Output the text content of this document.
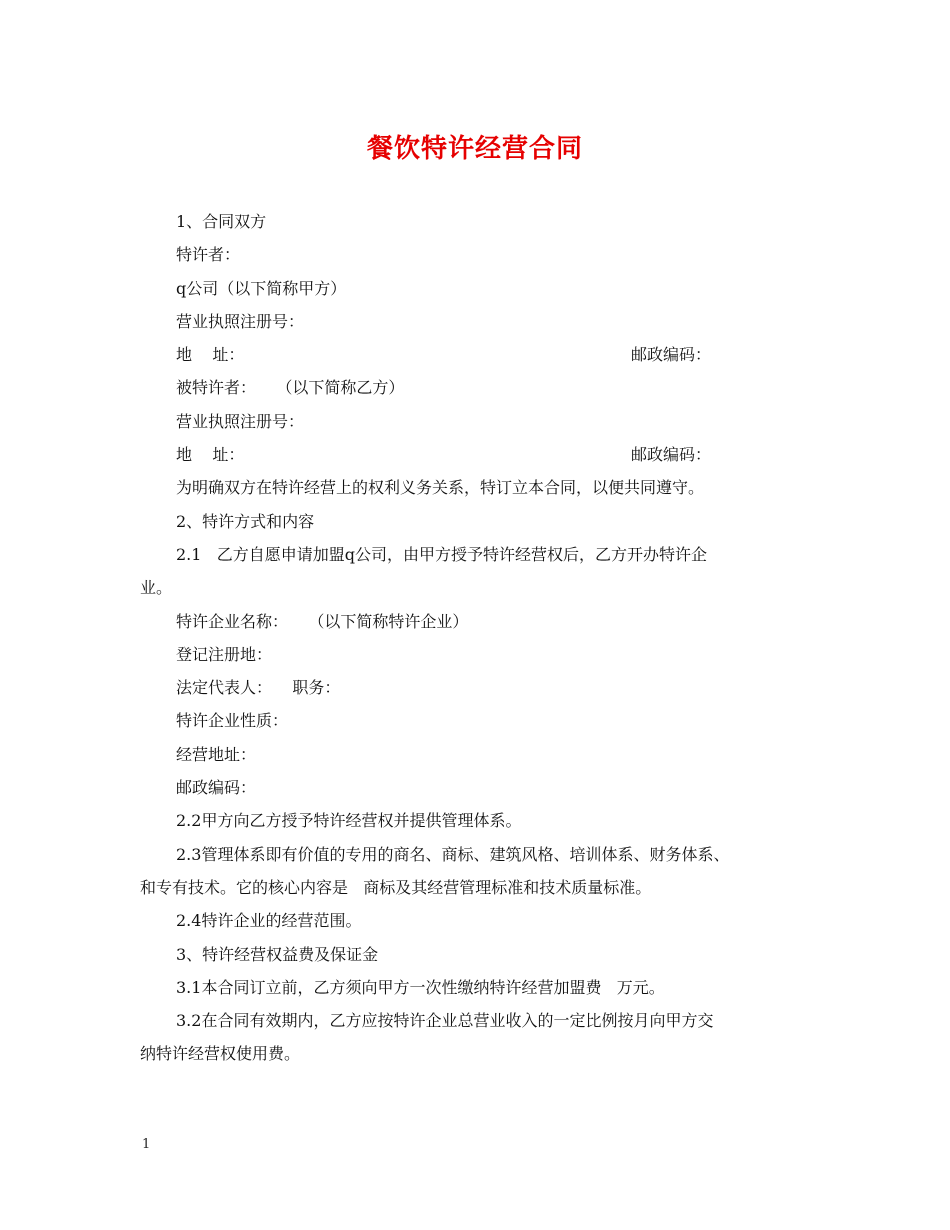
餐饮特许经营合同
1、合同双方
特许者：
q公司（以下简称甲方）
营业执照注册号：
地    址：	邮政编码：
被特许者：    （以下简称乙方）
营业执照注册号：
地    址：	邮政编码：
为明确双方在特许经营上的权利义务关系，特订立本合同，以便共同遵守。
2、特许方式和内容
2.1   乙方自愿申请加盟q公司，由甲方授予特许经营权后，乙方开办特许企
业。
特许企业名称：    （以下简称特许企业）
登记注册地：
法定代表人：    职务：
特许企业性质：
经营地址：
邮政编码：
2.2甲方向乙方授予特许经营权并提供管理体系。
2.3管理体系即有价值的专用的商名、商标、建筑风格、培训体系、财务体系、
和专有技术。它的核心内容是   商标及其经营管理标准和技术质量标准。
2.4特许企业的经营范围。
3、特许经营权益费及保证金
3.1本合同订立前，乙方须向甲方一次性缴纳特许经营加盟费   万元。
3.2在合同有效期内，乙方应按特许企业总营业收入的一定比例按月向甲方交
纳特许经营权使用费。
1
